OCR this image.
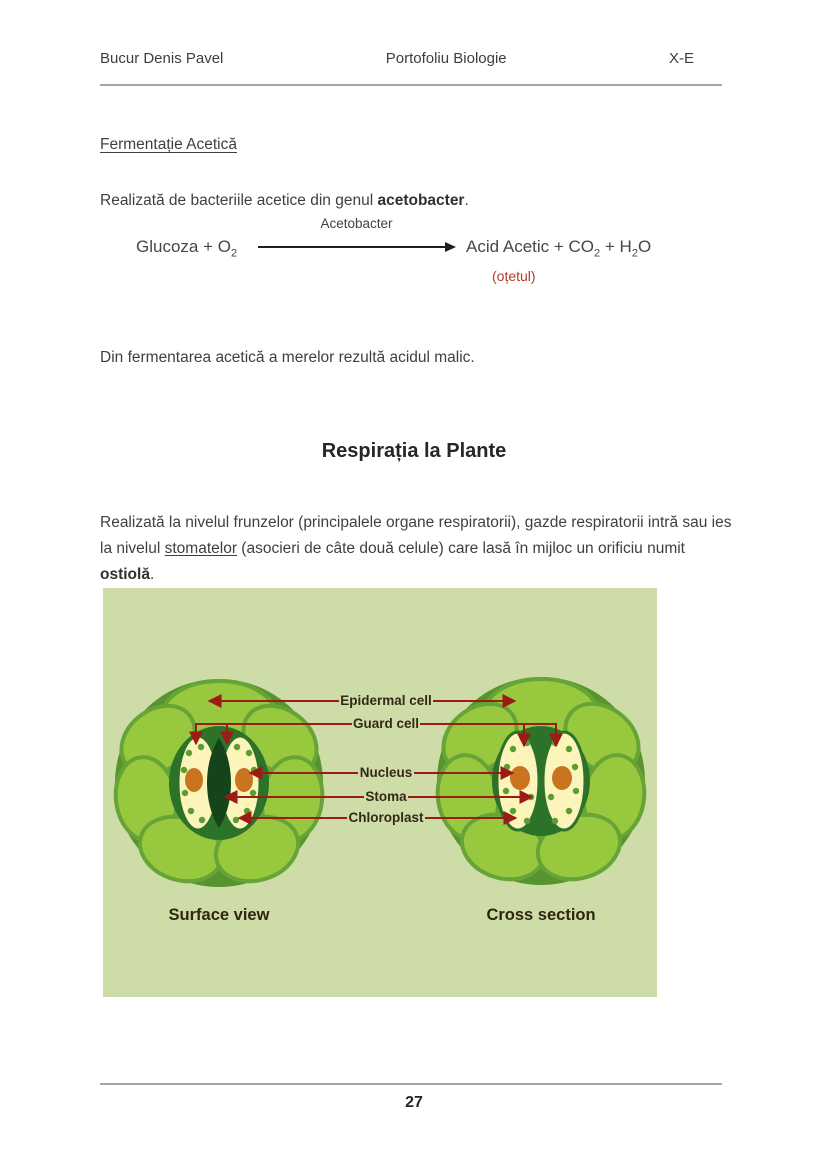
Bucur Denis Pavel	Portofoliu Biologie	X-E
Fermentație Acetică

Realizată de bacteriile acetice din genul acetobacter.

Glucoza + $O_2$
Acetobacter
Acid Acetic + $CO_2 + H_2O$
(oțetul)

Din fermentarea acetică a merelor rezultă acidul malic.

Respirația la Plante

Realizată la nivelul frunzelor (principalele organe respiratorii), gazde respiratorii intră sau ies la nivelul stomatelor (asocieri de câte două celule) care lasă în mijloc un orificiu numit ostiolă.

Epidermal cell
Guard cell
Nucleus
Stoma
Chloroplast
Surface view	Cross section
27
